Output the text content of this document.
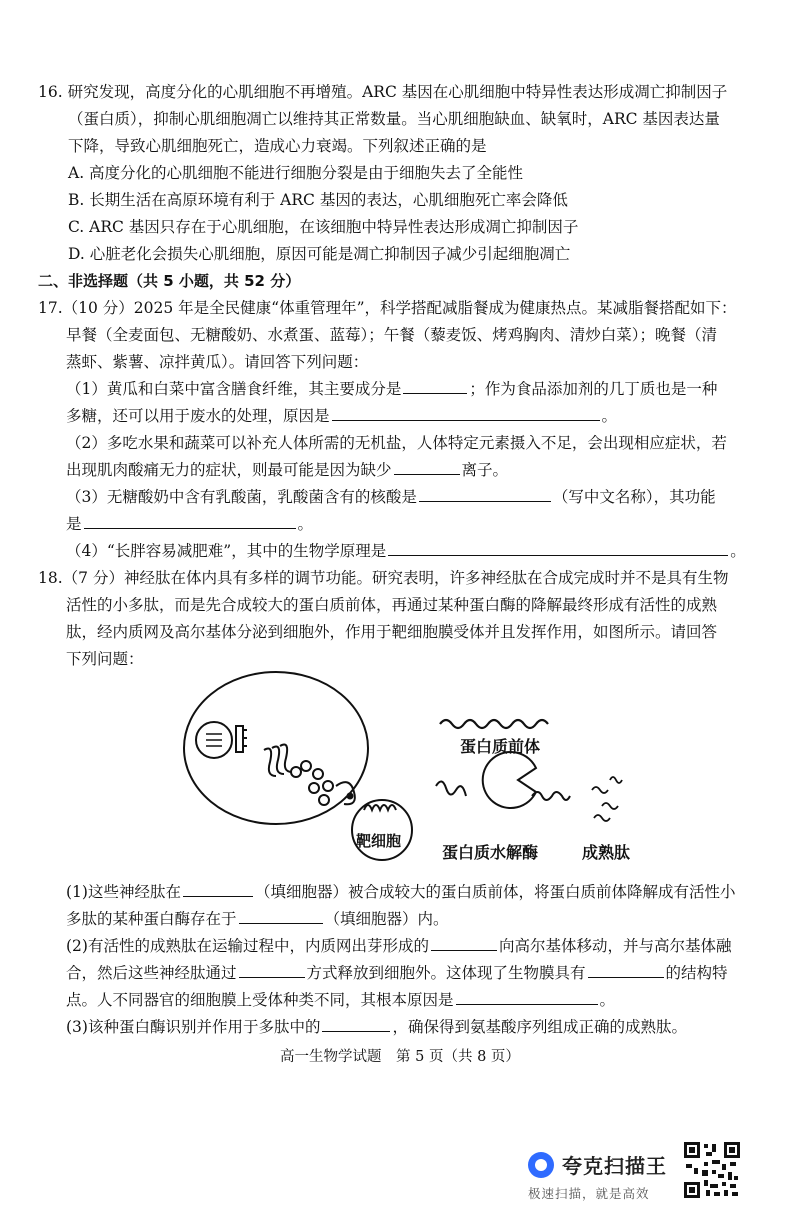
16. 研究发现，高度分化的心肌细胞不再增殖。ARC 基因在心肌细胞中特异性表达形成凋亡抑制因子
（蛋白质），抑制心肌细胞凋亡以维持其正常数量。当心肌细胞缺血、缺氧时，ARC 基因表达量
下降，导致心肌细胞死亡，造成心力衰竭。下列叙述正确的是
A. 高度分化的心肌细胞不能进行细胞分裂是由于细胞失去了全能性
B. 长期生活在高原环境有利于 ARC 基因的表达，心肌细胞死亡率会降低
C. ARC 基因只存在于心肌细胞，在该细胞中特异性表达形成凋亡抑制因子
D. 心脏老化会损失心肌细胞，原因可能是凋亡抑制因子减少引起细胞凋亡
二、非选择题（共 5 小题，共 52 分）
17.（10 分）2025 年是全民健康“体重管理年”，科学搭配减脂餐成为健康热点。某减脂餐搭配如下：
早餐（全麦面包、无糖酸奶、水煮蛋、蓝莓）；午餐（藜麦饭、烤鸡胸肉、清炒白菜）；晚餐（清
蒸虾、紫薯、凉拌黄瓜）。请回答下列问题：
（1）黄瓜和白菜中富含膳食纤维，其主要成分是	；作为食品添加剂的几丁质也是一种
多糖，还可以用于废水的处理，原因是	。
（2）多吃水果和蔬菜可以补充人体所需的无机盐，人体特定元素摄入不足，会出现相应症状，若
出现肌肉酸痛无力的症状，则最可能是因为缺少	离子。
（3）无糖酸奶中含有乳酸菌，乳酸菌含有的核酸是	（写中文名称），其功能
是	。
（4）“长胖容易减肥难”，其中的生物学原理是	。
18.（7 分）神经肽在体内具有多样的调节功能。研究表明，许多神经肽在合成完成时并不是具有生物
活性的小多肽，而是先合成较大的蛋白质前体，再通过某种蛋白酶的降解最终形成有活性的成熟
肽，经内质网及高尔基体分泌到细胞外，作用于靶细胞膜受体并且发挥作用，如图所示。请回答
下列问题：
蛋白质前体
靶细胞
蛋白质水解酶	成熟肽
(1)这些神经肽在	（填细胞器）被合成较大的蛋白质前体，将蛋白质前体降解成有活性小
多肽的某种蛋白酶存在于	（填细胞器）内。
(2)有活性的成熟肽在运输过程中，内质网出芽形成的	向高尔基体移动，并与高尔基体融
合，然后这些神经肽通过	方式释放到细胞外。这体现了生物膜具有	的结构特
点。人不同器官的细胞膜上受体种类不同，其根本原因是	。
(3)该种蛋白酶识别并作用于多肽中的	，确保得到氨基酸序列组成正确的成熟肽。
高一生物学试题　第 5 页（共 8 页）
夸克扫描王
极速扫描，就是高效
